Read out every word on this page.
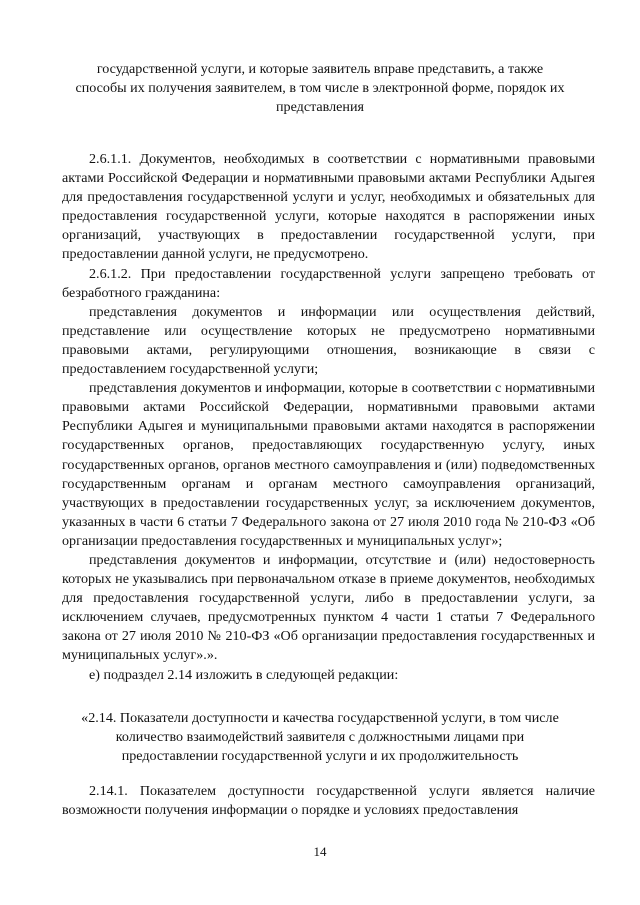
государственной услуги, и которые заявитель вправе представить, а также способы их получения заявителем, в том числе в электронной форме, порядок их представления

2.6.1.1. Документов, необходимых в соответствии с нормативными правовыми актами Российской Федерации и нормативными правовыми актами Республики Адыгея для предоставления государственной услуги и услуг, необходимых и обязательных для предоставления государственной услуги, которые находятся в распоряжении иных организаций, участвующих в предоставлении государственной услуги, при предоставлении данной услуги, не предусмотрено.

2.6.1.2. При предоставлении государственной услуги запрещено требовать от безработного гражданина:

представления документов и информации или осуществления действий, представление или осуществление которых не предусмотрено нормативными правовыми актами, регулирующими отношения, возникающие в связи с предоставлением государственной услуги;

представления документов и информации, которые в соответствии с нормативными правовыми актами Российской Федерации, нормативными правовыми актами Республики Адыгея и муниципальными правовыми актами находятся в распоряжении государственных органов, предоставляющих государственную услугу, иных государственных органов, органов местного самоуправления и (или) подведомственных государственным органам и органам местного самоуправления организаций, участвующих в предоставлении государственных услуг, за исключением документов, указанных в части 6 статьи 7 Федерального закона от 27 июля 2010 года № 210-ФЗ «Об организации предоставления государственных и муниципальных услуг»;

представления документов и информации, отсутствие и (или) недостоверность которых не указывались при первоначальном отказе в приеме документов, необходимых для предоставления государственной услуги, либо в предоставлении услуги, за исключением случаев, предусмотренных пунктом 4 части 1 статьи 7 Федерального закона от 27 июля 2010 № 210-ФЗ «Об организации предоставления государственных и муниципальных услуг».».

е) подраздел 2.14 изложить в следующей редакции:

«2.14. Показатели доступности и качества государственной услуги, в том числе количество взаимодействий заявителя с должностными лицами при предоставлении государственной услуги и их продолжительность

2.14.1. Показателем доступности государственной услуги является наличие возможности получения информации о порядке и условиях предоставления

14
